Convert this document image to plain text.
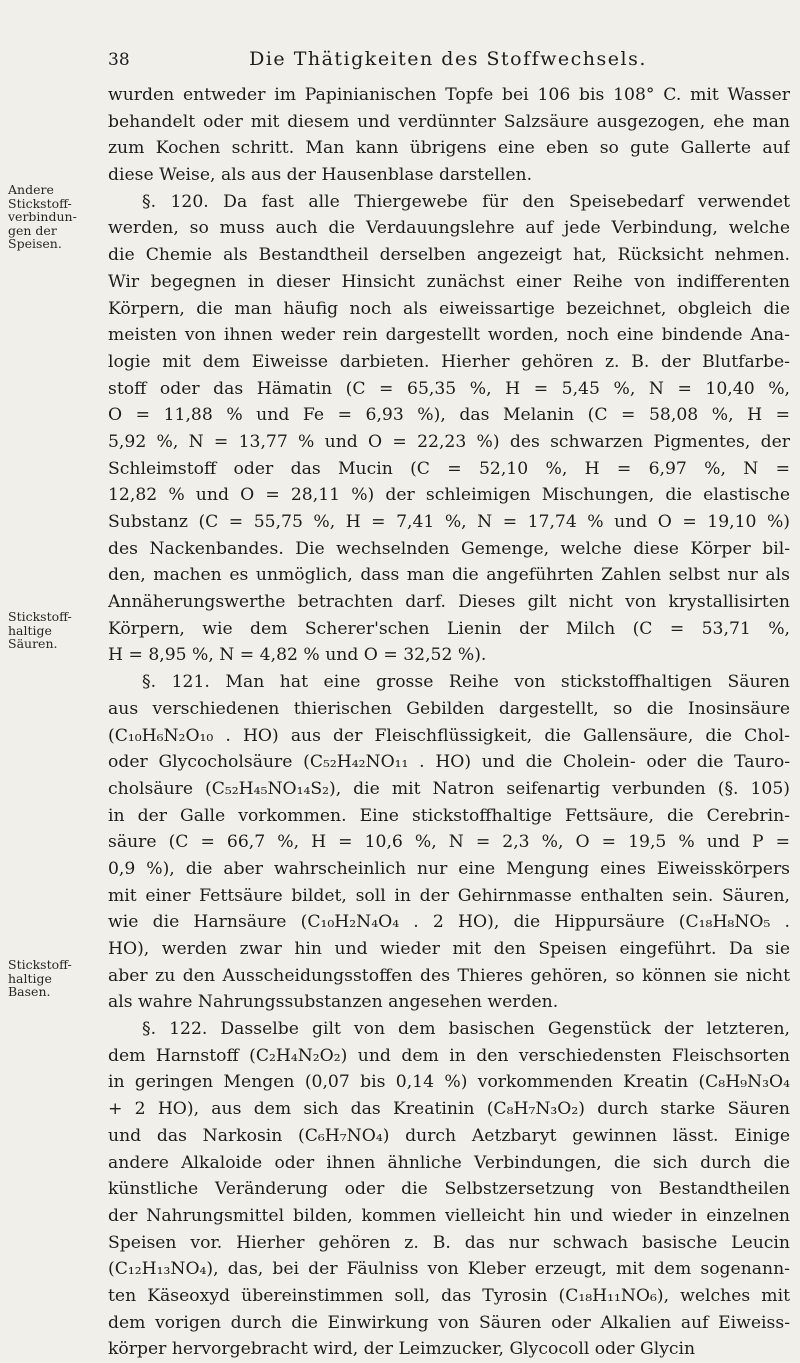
38	Die Thätigkeiten des Stoffwechsels.
Andere
Stickstoff-
verbindun-
gen der
Speisen.
Stickstoff-
haltige
Säuren.
Stickstoff-
haltige
Basen.
wurden entweder im Papinianischen Topfe bei 106 bis 108° C. mit Wasser
behandelt oder mit diesem und verdünnter Salzsäure ausgezogen, ehe man
zum Kochen schritt. Man kann übrigens eine eben so gute Gallerte auf
diese Weise, als aus der Hausenblase darstellen.
§. 120. Da fast alle Thiergewebe für den Speisebedarf verwendet
werden, so muss auch die Verdauungslehre auf jede Verbindung, welche
die Chemie als Bestandtheil derselben angezeigt hat, Rücksicht nehmen.
Wir begegnen in dieser Hinsicht zunächst einer Reihe von indifferenten
Körpern, die man häufig noch als eiweissartige bezeichnet, obgleich die
meisten von ihnen weder rein dargestellt worden, noch eine bindende Ana-
logie mit dem Eiweisse darbieten. Hierher gehören z. B. der Blutfarbe-
stoff oder das Hämatin (C = 65,35 %, H = 5,45 %, N = 10,40 %,
O = 11,88 % und Fe = 6,93 %), das Melanin (C = 58,08 %, H =
5,92 %, N = 13,77 % und O = 22,23 %) des schwarzen Pigmentes, der
Schleimstoff oder das Mucin (C = 52,10 %, H = 6,97 %, N =
12,82 % und O = 28,11 %) der schleimigen Mischungen, die elastische
Substanz (C = 55,75 %, H = 7,41 %, N = 17,74 % und O = 19,10 %)
des Nackenbandes. Die wechselnden Gemenge, welche diese Körper bil-
den, machen es unmöglich, dass man die angeführten Zahlen selbst nur als
Annäherungswerthe betrachten darf. Dieses gilt nicht von krystallisirten
Körpern, wie dem Scherer'schen Lienin der Milch (C = 53,71 %,
H = 8,95 %, N = 4,82 % und O = 32,52 %).
§. 121. Man hat eine grosse Reihe von stickstoffhaltigen Säuren
aus verschiedenen thierischen Gebilden dargestellt, so die Inosinsäure
(C₁₀H₆N₂O₁₀ . HO) aus der Fleischflüssigkeit, die Gallensäure, die Chol-
oder Glycocholsäure (C₅₂H₄₂NO₁₁ . HO) und die Cholein- oder die Tauro-
cholsäure (C₅₂H₄₅NO₁₄S₂), die mit Natron seifenartig verbunden (§. 105)
in der Galle vorkommen. Eine stickstoffhaltige Fettsäure, die Cerebrin-
säure (C = 66,7 %, H = 10,6 %, N = 2,3 %, O = 19,5 % und P =
0,9 %), die aber wahrscheinlich nur eine Mengung eines Eiweisskörpers
mit einer Fettsäure bildet, soll in der Gehirnmasse enthalten sein. Säuren,
wie die Harnsäure (C₁₀H₂N₄O₄ . 2 HO), die Hippursäure (C₁₈H₈NO₅ .
HO), werden zwar hin und wieder mit den Speisen eingeführt. Da sie
aber zu den Ausscheidungsstoffen des Thieres gehören, so können sie nicht
als wahre Nahrungssubstanzen angesehen werden.
§. 122. Dasselbe gilt von dem basischen Gegenstück der letzteren,
dem Harnstoff (C₂H₄N₂O₂) und dem in den verschiedensten Fleischsorten
in geringen Mengen (0,07 bis 0,14 %) vorkommenden Kreatin (C₈H₉N₃O₄
+ 2 HO), aus dem sich das Kreatinin (C₈H₇N₃O₂) durch starke Säuren
und das Narkosin (C₆H₇NO₄) durch Aetzbaryt gewinnen lässt. Einige
andere Alkaloide oder ihnen ähnliche Verbindungen, die sich durch die
künstliche Veränderung oder die Selbstzersetzung von Bestandtheilen
der Nahrungsmittel bilden, kommen vielleicht hin und wieder in einzelnen
Speisen vor. Hierher gehören z. B. das nur schwach basische Leucin
(C₁₂H₁₃NO₄), das, bei der Fäulniss von Kleber erzeugt, mit dem sogenann-
ten Käseoxyd übereinstimmen soll, das Tyrosin (C₁₈H₁₁NO₆), welches mit
dem vorigen durch die Einwirkung von Säuren oder Alkalien auf Eiweiss-
körper hervorgebracht wird, der Leimzucker, Glycocoll oder Glycin
